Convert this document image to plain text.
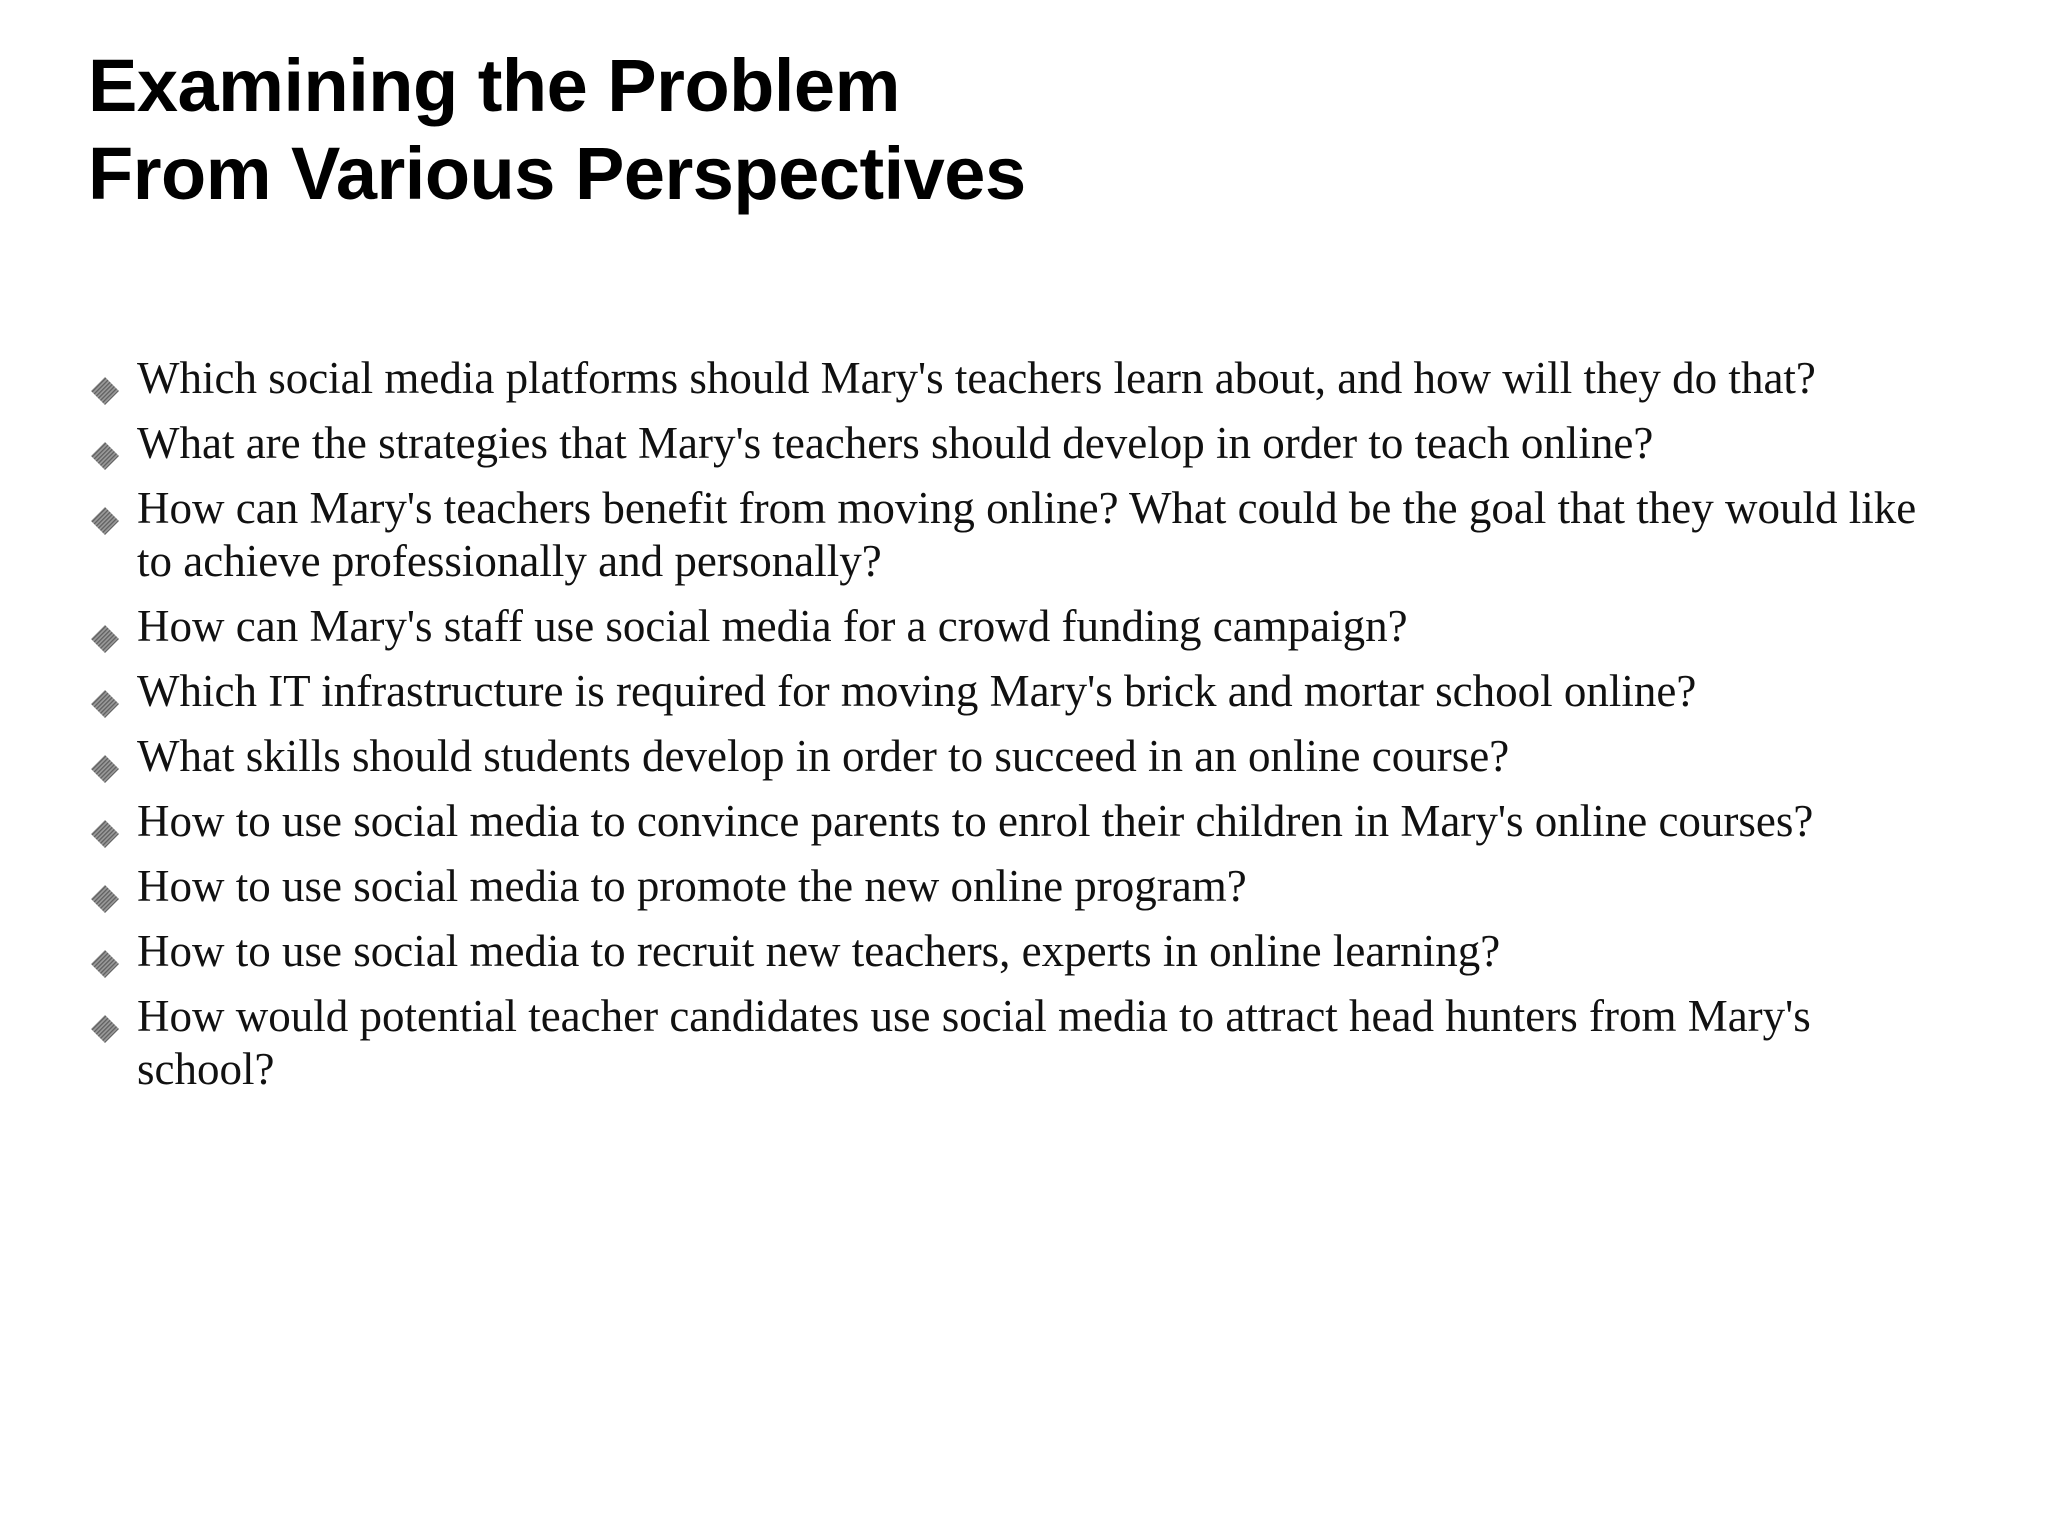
Examining the Problem
From Various Perspectives
Which social media platforms should Mary's teachers learn about, and how will they do that?
What are the strategies that Mary's teachers should develop in order to teach online?
How can Mary's teachers benefit from moving online? What could be the goal that they would like to achieve professionally and personally?
How can Mary's staff use social media for a crowd funding campaign?
Which IT infrastructure is required for moving Mary's brick and mortar school online?
What skills should students develop in order to succeed in an online course?
How to use social media to convince parents to enrol their children in Mary's online courses?
How to use social media to promote the new online program?
How to use social media to recruit new teachers, experts in online learning?
How would potential teacher candidates use social media to attract head hunters from Mary's school?
